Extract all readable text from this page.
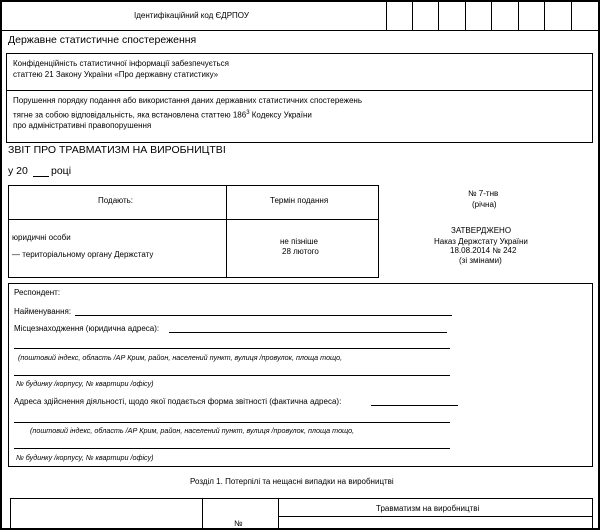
Ідентифікаційний код ЄДРПОУ
Державне статистичне спостереження
Конфіденційність статистичної інформації забезпечується
статтею 21 Закону України «Про державну статистику»
Порушення порядку подання або використання даних державних статистичних спостережень
тягне за собою відповідальність, яка встановлена статтею $186^3$ Кодексу України
про адміністративні правопорушення
ЗВІТ ПРО ТРАВМАТИЗМ НА ВИРОБНИЦТВІ
у 20 році
Подають:	Термін подання
юридичні особи
— територіальному органу Держстату
не пізніше
28 лютого
№ 7-тнв
(річна)
ЗАТВЕРДЖЕНО
Наказ Держстату України
18.08.2014 № 242
(зі змінами)
Респондент:
Найменування:
Місцезнаходження (юридична адреса):
(поштовий індекс, область /АР Крим, район, населений пункт, вулиця /провулок, площа тощо,
№ будинку /корпусу, № квартири /офісу)
Адреса здійснення діяльності, щодо якої подається форма звітності (фактична адреса):
(поштовий індекс, область /АР Крим, район, населений пункт, вулиця /провулок, площа тощо,
№ будинку /корпусу, № квартири /офісу)
Розділ 1. Потерпілі та нещасні випадки на виробництві
№
Травматизм на виробництві
